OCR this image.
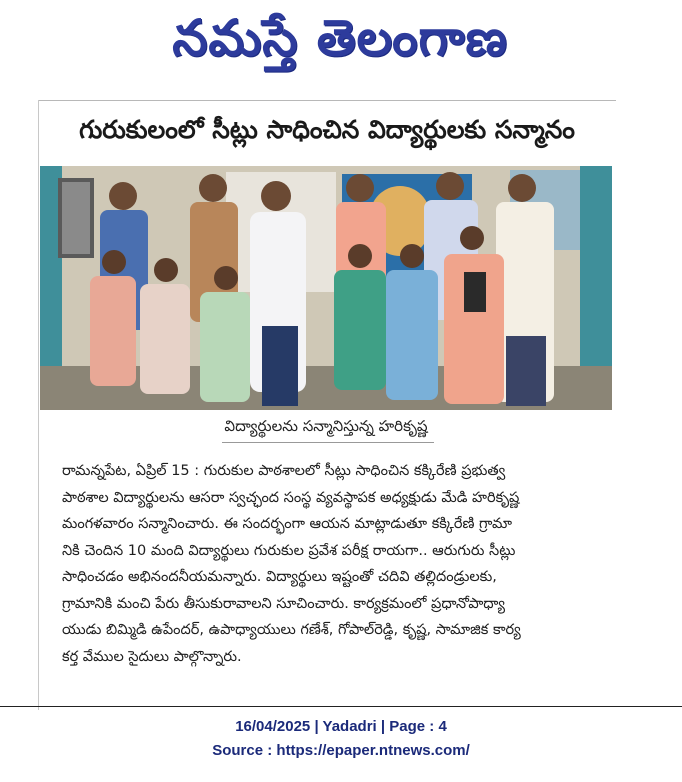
నమస్తే తెలంగాణ
గురుకులంలో సీట్లు సాధించిన విద్యార్థులకు సన్మానం
విద్యార్థులను సన్మానిస్తున్న హరికృష్ణ

రామన్నపేట, ఏప్రిల్ 15 : గురుకుల పాఠశాలలో సీట్లు సాధించిన కక్కిరేణి ప్రభుత్వ

పాఠశాల విద్యార్థులను ఆసరా స్వచ్ఛంద సంస్థ వ్యవస్థాపక అధ్యక్షుడు మేడి హరికృష్ణ

మంగళవారం సన్మానించారు. ఈ సందర్భంగా ఆయన మాట్లాడుతూ కక్కిరేణి గ్రామా

నికి చెందిన 10 మంది విద్యార్థులు గురుకుల ప్రవేశ పరీక్ష రాయగా.. ఆరుగురు సీట్లు

సాధించడం అభినందనీయమన్నారు. విద్యార్థులు ఇష్టంతో చదివి తల్లిదండ్రులకు,

గ్రామానికి మంచి పేరు తీసుకురావాలని సూచించారు. కార్యక్రమంలో ప్రధానోపాధ్యా

యుడు బిమ్మిడి ఉపేందర్, ఉపాధ్యాయులు గణేశ్, గోపాల్‌రెడ్డి, కృష్ణ, సామాజిక కార్య

కర్త వేముల సైదులు పాల్గొన్నారు.

16/04/2025 | Yadadri | Page : 4
Source : https://epaper.ntnews.com/
